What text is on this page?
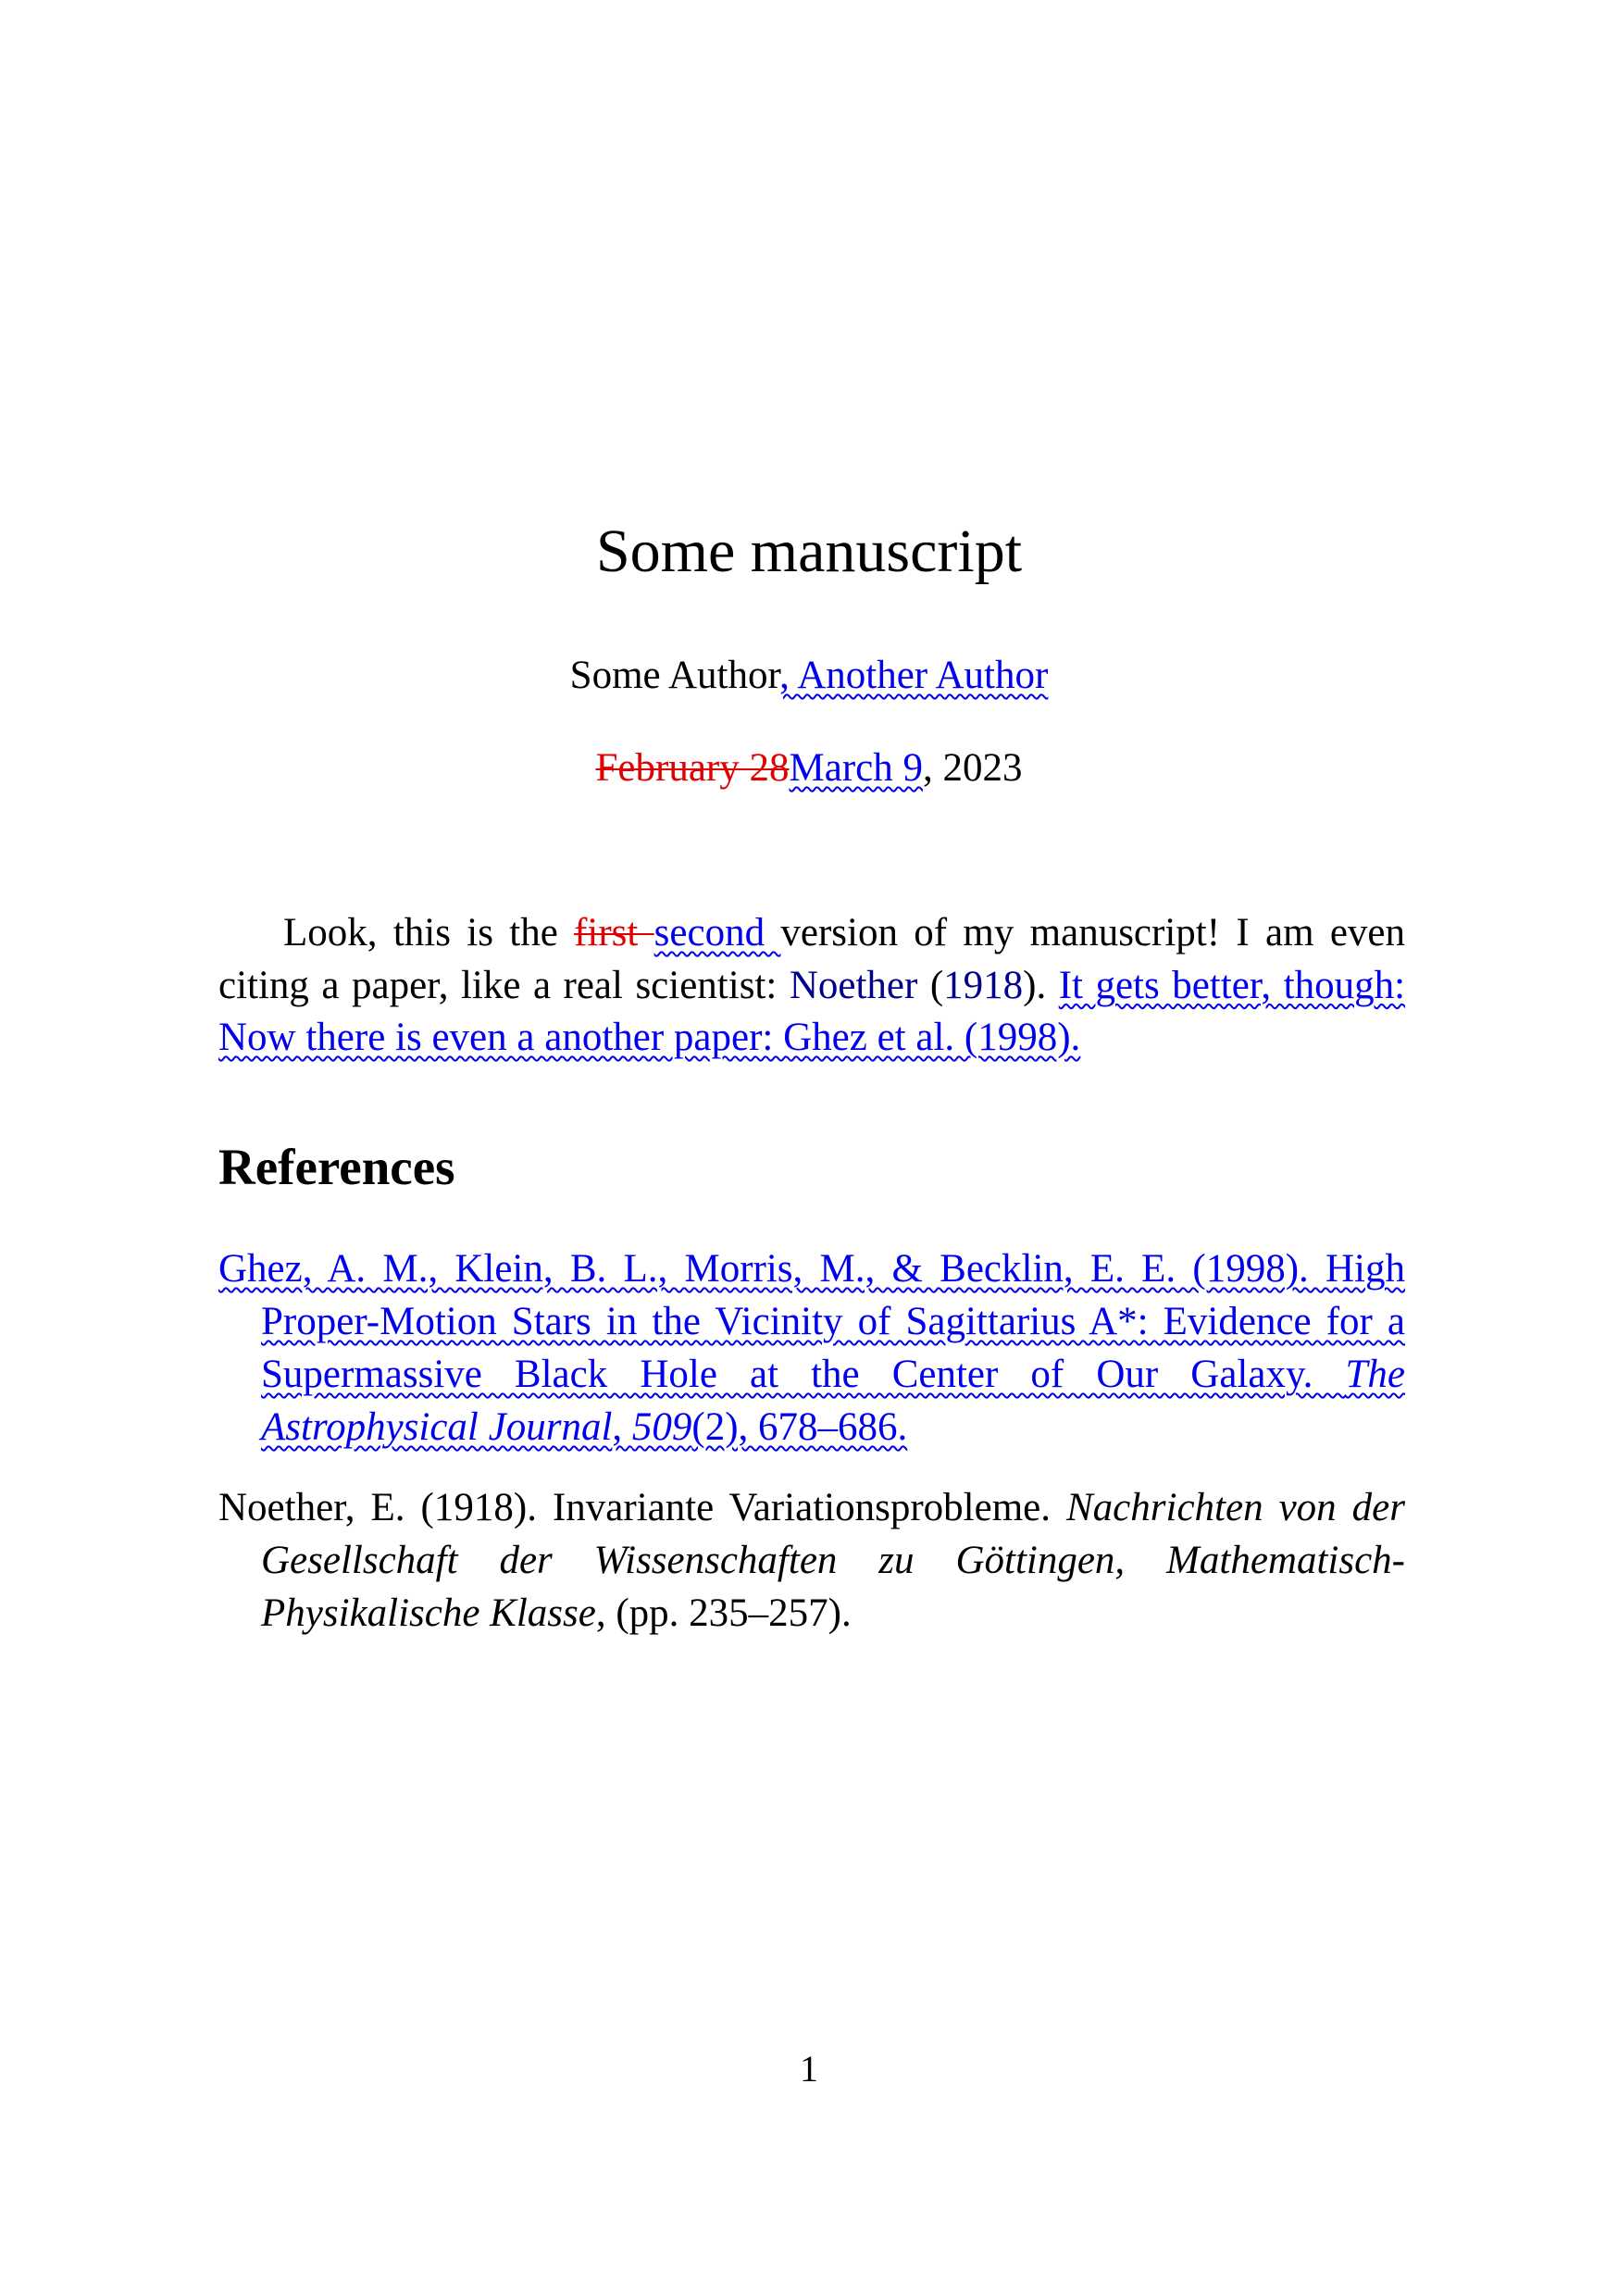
Some manuscript
Some Author, Another Author
February 28March 9, 2023
Look, this is the first second version of my manuscript! I am even citing a paper, like a real scientist: Noether (1918). It gets better, though: Now there is even a another paper: Ghez et al. (1998).
References
Ghez, A. M., Klein, B. L., Morris, M., & Becklin, E. E. (1998). High Proper-Motion Stars in the Vicinity of Sagittarius A*: Evidence for a Supermassive Black Hole at the Center of Our Galaxy. The Astrophysical Journal, 509(2), 678–686.
Noether, E. (1918). Invariante Variationsprobleme. Nachrichten von der Gesellschaft der Wissenschaften zu Göttingen, Mathematisch-Physikalische Klasse, (pp. 235–257).
1
